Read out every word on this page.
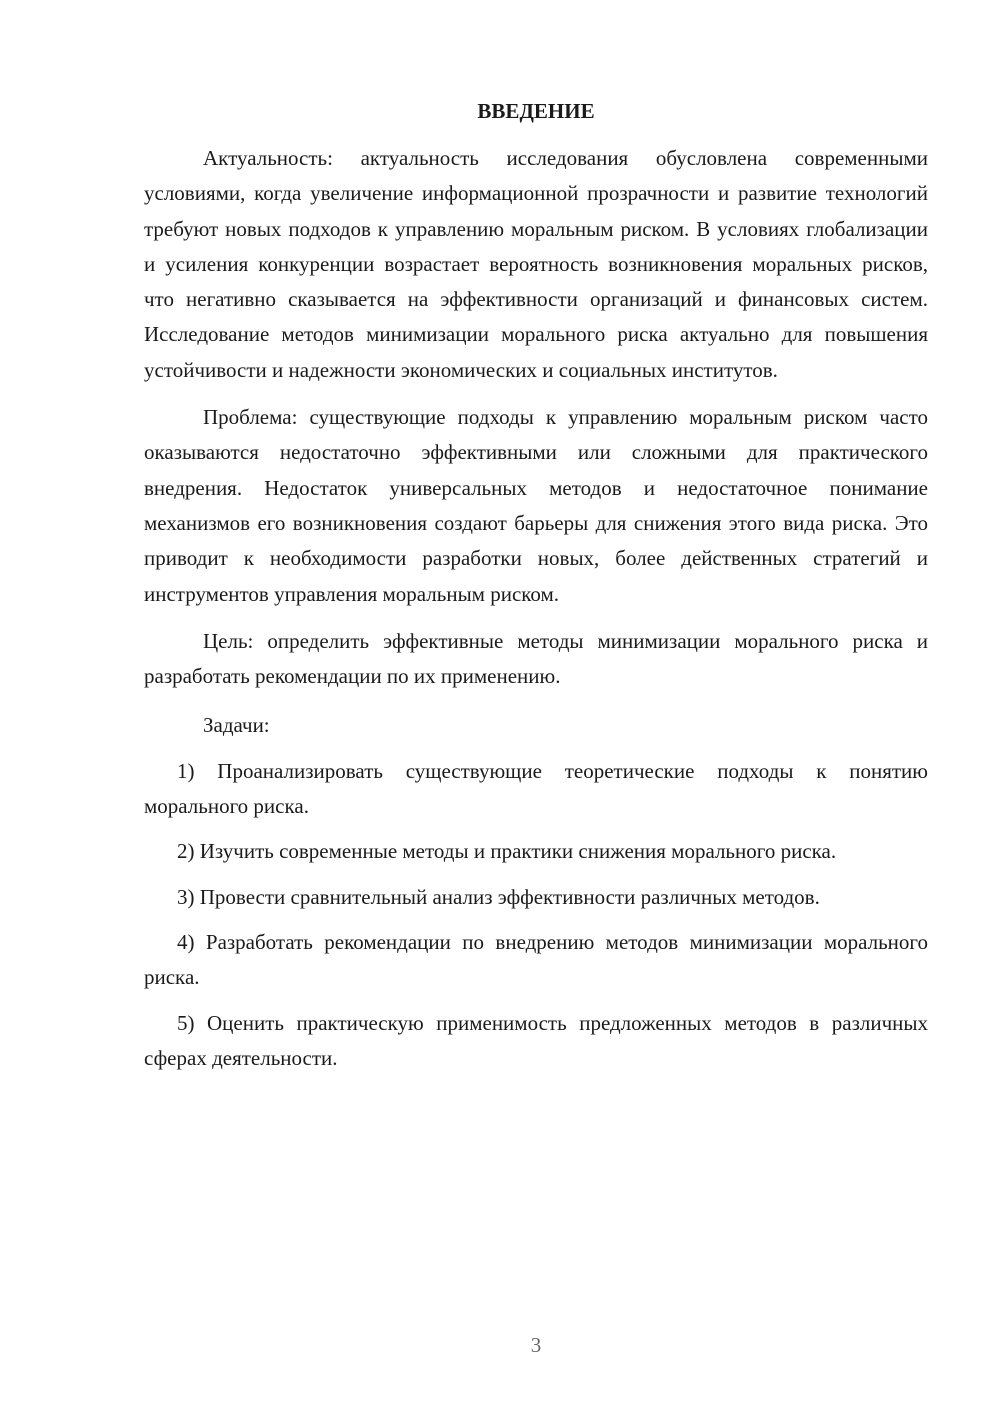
ВВЕДЕНИЕ

Актуальность: актуальность исследования обусловлена современными условиями, когда увеличение информационной прозрачности и развитие технологий требуют новых подходов к управлению моральным риском. В условиях глобализации и усиления конкуренции возрастает вероятность возникновения моральных рисков, что негативно сказывается на эффективности организаций и финансовых систем. Исследование методов минимизации морального риска актуально для повышения устойчивости и надежности экономических и социальных институтов.

Проблема: существующие подходы к управлению моральным риском часто оказываются недостаточно эффективными или сложными для практического внедрения. Недостаток универсальных методов и недостаточное понимание механизмов его возникновения создают барьеры для снижения этого вида риска. Это приводит к необходимости разработки новых, более действенных стратегий и инструментов управления моральным риском.

Цель: определить эффективные методы минимизации морального риска и разработать рекомендации по их применению.

Задачи:

1) Проанализировать существующие теоретические подходы к понятию морального риска.

2) Изучить современные методы и практики снижения морального риска.

3) Провести сравнительный анализ эффективности различных методов.

4) Разработать рекомендации по внедрению методов минимизации морального риска.

5) Оценить практическую применимость предложенных методов в различных сферах деятельности.

3
